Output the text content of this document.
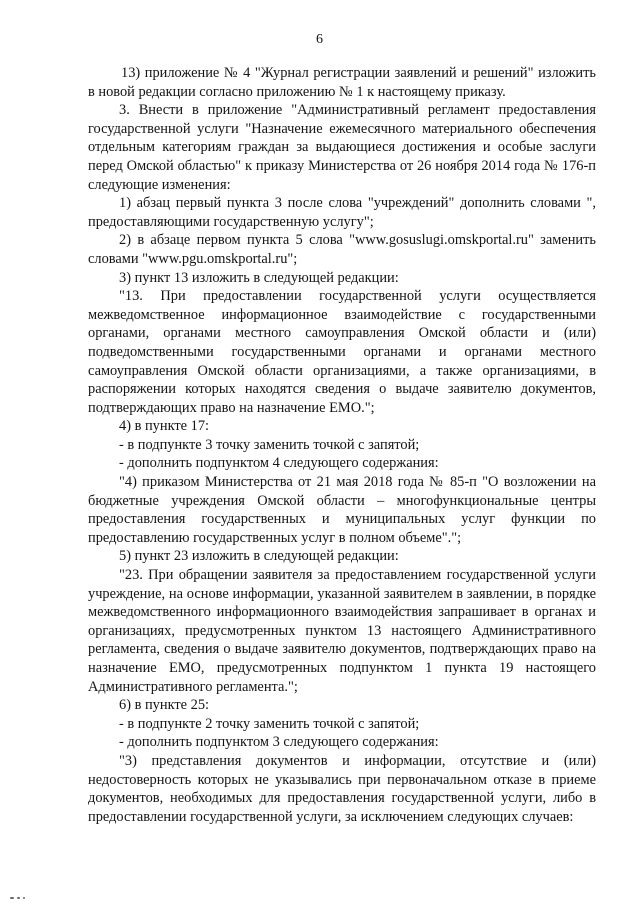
6

13) приложение № 4 "Журнал регистрации заявлений и решений" изложить в новой редакции согласно приложению № 1 к настоящему приказу.

3. Внести в приложение "Административный регламент предоставления государственной услуги "Назначение ежемесячного материального обеспечения отдельным категориям граждан за выдающиеся достижения и особые заслуги перед Омской областью" к приказу Министерства от 26 ноября 2014 года № 176-п следующие изменения:

1) абзац первый пункта 3 после слова "учреждений" дополнить словами ", предоставляющими государственную услугу";

2) в абзаце первом пункта 5 слова "www.gosuslugi.omskportal.ru" заменить словами "www.pgu.omskportal.ru";

3) пункт 13 изложить в следующей редакции:

"13. При предоставлении государственной услуги осуществляется межведомственное информационное взаимодействие с государственными органами, органами местного самоуправления Омской области и (или) подведомственными государственными органами и органами местного самоуправления Омской области организациями, а также организациями, в распоряжении которых находятся сведения о выдаче заявителю документов, подтверждающих право на назначение ЕМО.";

4) в пункте 17:

- в подпункте 3 точку заменить точкой с запятой;

- дополнить подпунктом 4 следующего содержания:

"4) приказом Министерства от 21 мая 2018 года № 85-п "О возложении на бюджетные учреждения Омской области – многофункциональные центры предоставления государственных и муниципальных услуг функции по предоставлению государственных услуг в полном объеме".";

5) пункт 23 изложить в следующей редакции:

"23. При обращении заявителя за предоставлением государственной услуги учреждение, на основе информации, указанной заявителем в заявлении, в порядке межведомственного информационного взаимодействия запрашивает в органах и организациях, предусмотренных пунктом 13 настоящего Административного регламента, сведения о выдаче заявителю документов, подтверждающих право на назначение ЕМО, предусмотренных подпунктом 1 пункта 19 настоящего Административного регламента.";

6) в пункте 25:

- в подпункте 2 точку заменить точкой с запятой;

- дополнить подпунктом 3 следующего содержания:

"3) представления документов и информации, отсутствие и (или) недостоверность которых не указывались при первоначальном отказе в приеме документов, необходимых для предоставления государственной услуги, либо в предоставлении государственной услуги, за исключением следующих случаев:
